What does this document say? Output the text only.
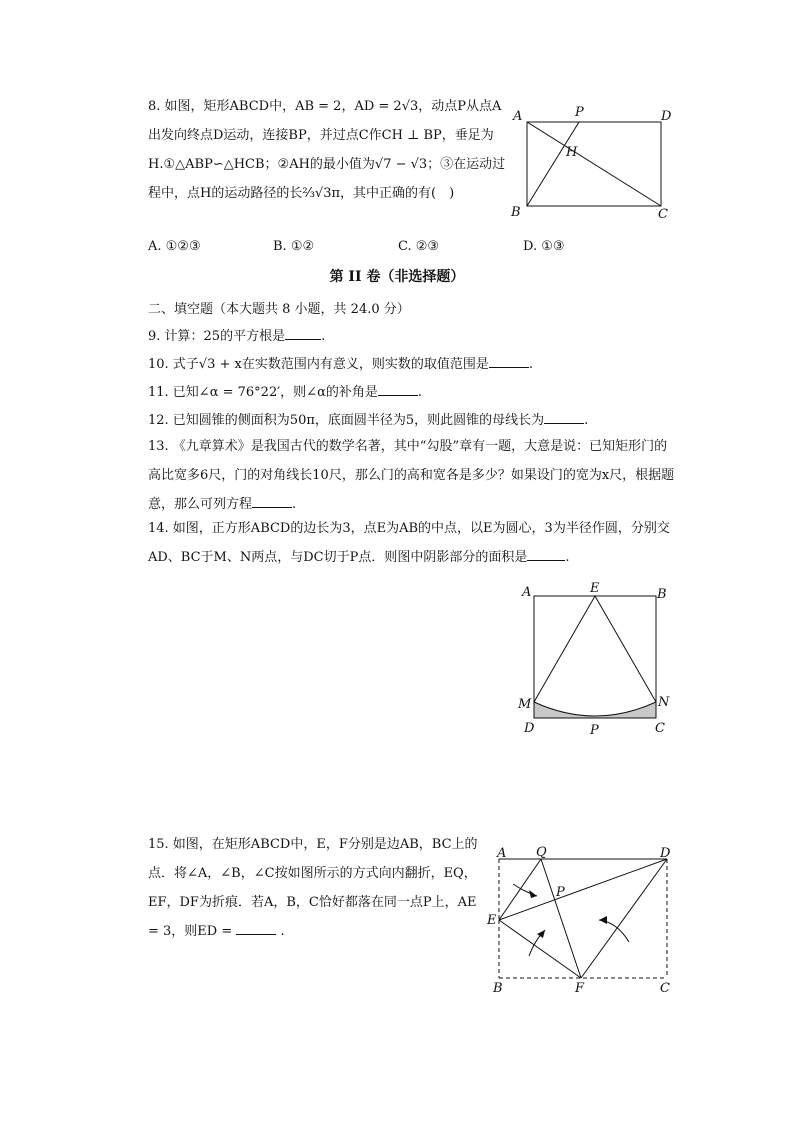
8. 如图，矩形ABCD中，AB = 2，AD = 2√3，动点P从点A出发向终点D运动，连接BP，并过点C作CH ⊥ BP，垂足为H.①△ABP∽△HCB；②AH的最小值为√7 − √3；③在运动过程中，点H的运动路径的长²⁄₃√3π，其中正确的有(　)
A. ①②③	B. ①②	C. ②③	D. ①③
A	P	D
H
B	C
第 II 卷（非选择题）
二、填空题（本大题共 8 小题，共 24.0 分）
9. 计算：25的平方根是	.
10. 式子√3 + x在实数范围内有意义，则实数的取值范围是	.
11. 已知∠α = 76°22′，则∠α的补角是	.
12. 已知圆锥的侧面积为50π，底面圆半径为5，则此圆锥的母线长为	.
13. 《九章算术》是我国古代的数学名著，其中“勾股”章有一题，大意是说：已知矩形门的高比宽多6尺，门的对角线长10尺，那么门的高和宽各是多少？如果设门的宽为x尺，根据题意，那么可列方程	.
14. 如图，正方形ABCD的边长为3，点E为AB的中点，以E为圆心，3为半径作圆，分别交AD、BC于M、N两点，与DC切于P点．则图中阴影部分的面积是	.
A	E	B
M	N
D	P	C
15. 如图，在矩形ABCD中，E，F分别是边AB，BC上的点．将∠A，∠B，∠C按如图所示的方式向内翻折，EQ，EF，DF为折痕．若A，B，C恰好都落在同一点P上，AE = 3，则ED =	.
A Q	D
P
E
B	F	C
